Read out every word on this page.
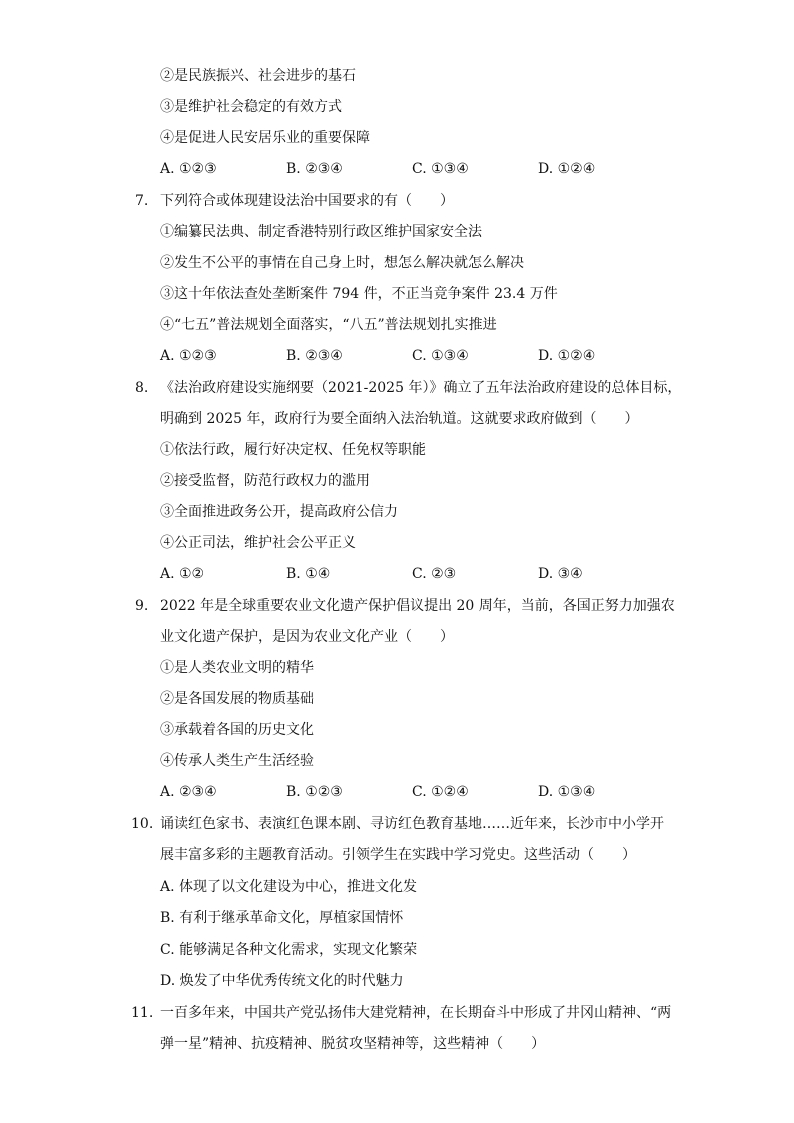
②是民族振兴、社会进步的基石
③是维护社会稳定的有效方式
④是促进人民安居乐业的重要保障
A. ①②③	B. ②③④	C. ①③④	D. ①②④
7. 下列符合或体现建设法治中国要求的有（　　）
①编纂民法典、制定香港特别行政区维护国家安全法
②发生不公平的事情在自己身上时，想怎么解决就怎么解决
③这十年依法查处垄断案件 794 件，不正当竞争案件 23.4 万件
④“七五”普法规划全面落实，“八五”普法规划扎实推进
A. ①②③	B. ②③④	C. ①③④	D. ①②④
8. 《法治政府建设实施纲要（2021-2025 年）》确立了五年法治政府建设的总体目标，
明确到 2025 年，政府行为要全面纳入法治轨道。这就要求政府做到（　　）
①依法行政，履行好决定权、任免权等职能
②接受监督，防范行政权力的滥用
③全面推进政务公开，提高政府公信力
④公正司法，维护社会公平正义
A. ①②	B. ①④	C. ②③	D. ③④
9. 2022 年是全球重要农业文化遗产保护倡议提出 20 周年，当前，各国正努力加强农
业文化遗产保护，是因为农业文化产业（　　）
①是人类农业文明的精华
②是各国发展的物质基础
③承载着各国的历史文化
④传承人类生产生活经验
A. ②③④	B. ①②③	C. ①②④	D. ①③④
10. 诵读红色家书、表演红色课本剧、寻访红色教育基地……近年来，长沙市中小学开
展丰富多彩的主题教育活动。引领学生在实践中学习党史。这些活动（　　）
A. 体现了以文化建设为中心，推进文化发
B. 有利于继承革命文化，厚植家国情怀
C. 能够满足各种文化需求，实现文化繁荣
D. 焕发了中华优秀传统文化的时代魅力
11. 一百多年来，中国共产党弘扬伟大建党精神，在长期奋斗中形成了井冈山精神、“两
弹一星”精神、抗疫精神、脱贫攻坚精神等，这些精神（　　）
